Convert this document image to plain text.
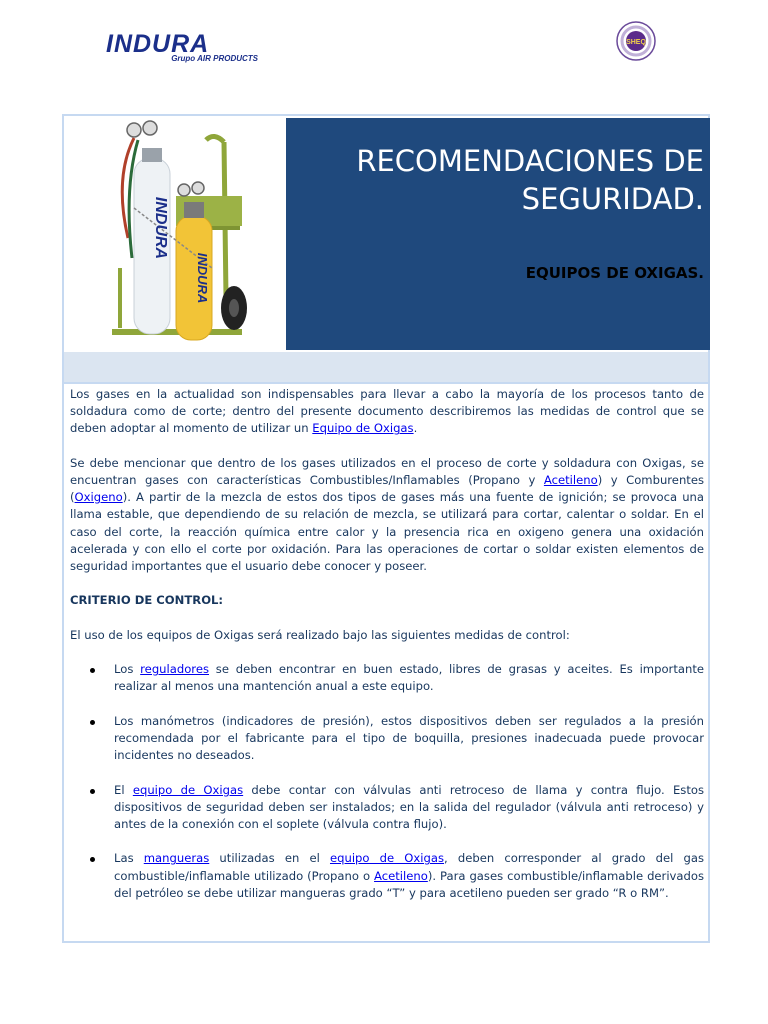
INDURA
Grupo AIR PRODUCTS
SHEQ
INDURA
INDURA
RECOMENDACIONES DE
SEGURIDAD.
EQUIPOS DE OXIGAS.

Los gases en la actualidad son indispensables para llevar a cabo la mayoría de los procesos tanto de soldadura como de corte; dentro del presente documento describiremos las medidas de control que se deben adoptar al momento de utilizar un Equipo de Oxigas.

Se debe mencionar que dentro de los gases utilizados en el proceso de corte y soldadura con Oxigas, se encuentran gases con características Combustibles/Inflamables (Propano y Acetileno) y Comburentes (Oxigeno). A partir de la mezcla de estos dos tipos de gases más una fuente de ignición; se provoca una llama estable, que dependiendo de su relación de mezcla, se utilizará para cortar, calentar o soldar. En el caso del corte, la reacción química entre calor y la presencia rica en oxigeno genera una oxidación acelerada y con ello el corte por oxidación. Para las operaciones de cortar o soldar existen elementos de seguridad importantes que el usuario debe conocer y poseer.

CRITERIO DE CONTROL:

El uso de los equipos de Oxigas será realizado bajo las siguientes medidas de control:

Los reguladores se deben encontrar en buen estado, libres de grasas y aceites. Es importante realizar al menos una mantención anual a este equipo.
Los manómetros (indicadores de presión), estos dispositivos deben ser regulados a la presión recomendada por el fabricante para el tipo de boquilla, presiones inadecuada puede provocar incidentes no deseados.
El equipo de Oxigas debe contar con válvulas anti retroceso de llama y contra flujo. Estos dispositivos de seguridad deben ser instalados; en la salida del regulador (válvula anti retroceso) y antes de la conexión con el soplete (válvula contra flujo).
Las mangueras utilizadas en el equipo de Oxigas, deben corresponder al grado del gas combustible/inflamable utilizado (Propano o Acetileno). Para gases combustible/inflamable derivados del petróleo se debe utilizar mangueras grado “T” y para acetileno pueden ser grado “R o RM”.
